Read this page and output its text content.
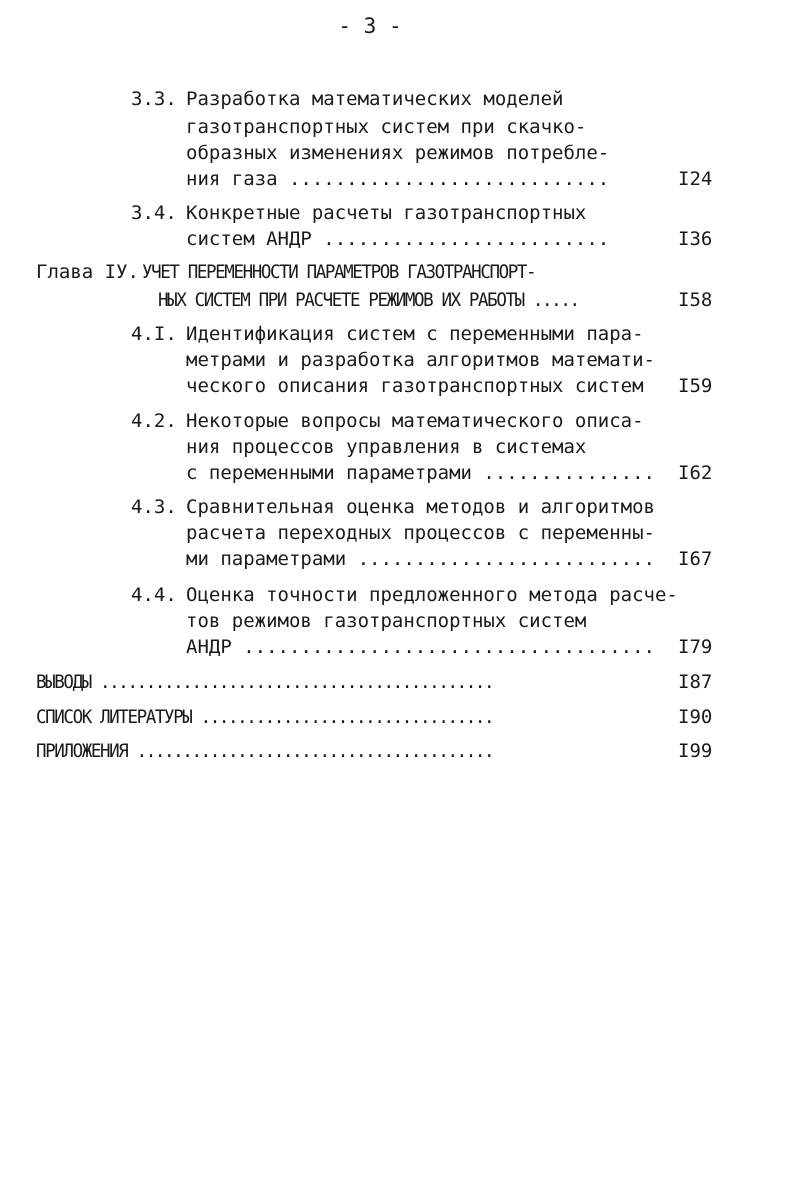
- 3 -
3.3. Разработка математических моделей
газотранспортных систем при скачко-
образных изменениях режимов потребле-
ния газа ............................	I24
3.4. Конкретные расчеты газотранспортных
систем АНДР .........................	I36
Глава IУ. УЧЕТ ПЕРЕМЕННОСТИ ПАРАМЕТРОВ ГАЗОТРАНСПОРТ-
НЫХ СИСТЕМ ПРИ РАСЧЕТЕ РЕЖИМОВ ИХ РАБОТЫ .....	I58
4.I. Идентификация систем с переменными пара-
метрами и разработка алгоритмов математи-
ческого описания газотранспортных систем I59
4.2. Некоторые вопросы математического описа-
ния процессов управления в системах
с переменными параметрами ............... I62
4.3. Сравнительная оценка методов и алгоритмов
расчета переходных процессов с переменны-
ми параметрами .......................... I67
4.4. Оценка точности предложенного метода расче-
тов режимов газотранспортных систем
АНДР .................................... I79
ВЫВОДЫ ...........................................	I87
СПИСОК ЛИТЕРАТУРЫ ................................	I90
ПРИЛОЖЕНИЯ .......................................	I99
